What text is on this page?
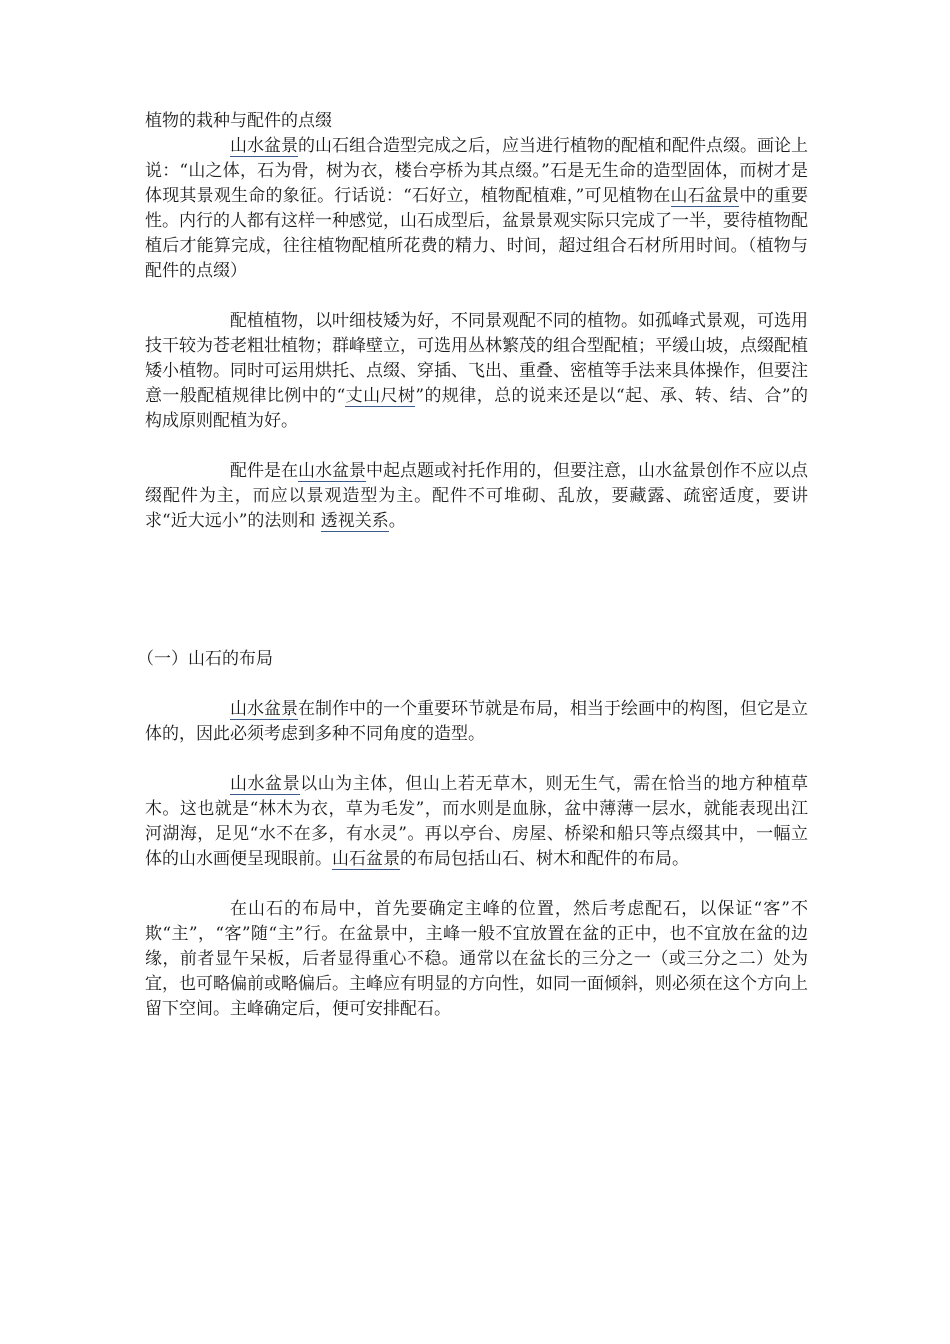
植物的栽种与配件的点缀

山水盆景的山石组合造型完成之后，应当进行植物的配植和配件点缀。画论上说：“山之体，石为骨，树为衣，楼台亭桥为其点缀。”石是无生命的造型固体，而树才是体现其景观生命的象征。行话说：“石好立，植物配植难，”可见植物在山石盆景中的重要性。内行的人都有这样一种感觉，山石成型后，盆景景观实际只完成了一半，要待植物配植后才能算完成，往往植物配植所花费的精力、时间，超过组合石材所用时间。（植物与配件的点缀）

配植植物，以叶细枝矮为好，不同景观配不同的植物。如孤峰式景观，可选用技干较为苍老粗壮植物；群峰壁立，可选用丛林繁茂的组合型配植；平缓山坡，点缀配植矮小植物。同时可运用烘托、点缀、穿插、飞出、重叠、密植等手法来具体操作，但要注意一般配植规律比例中的“丈山尺树”的规律，总的说来还是以“起、承、转、结、合”的构成原则配植为好。

配件是在山水盆景中起点题或衬托作用的，但要注意，山水盆景创作不应以点缀配件为主，而应以景观造型为主。配件不可堆砌、乱放，要藏露、疏密适度，要讲求“近大远小”的法则和 透视关系。

（一）山石的布局

山水盆景在制作中的一个重要环节就是布局，相当于绘画中的构图，但它是立体的，因此必须考虑到多种不同角度的造型。

山水盆景以山为主体，但山上若无草木，则无生气，需在恰当的地方种植草木。这也就是“林木为衣，草为毛发”，而水则是血脉，盆中薄薄一层水，就能表现出江河湖海，足见“水不在多，有水灵”。再以亭台、房屋、桥梁和船只等点缀其中，一幅立体的山水画便呈现眼前。山石盆景的布局包括山石、树木和配件的布局。

在山石的布局中，首先要确定主峰的位置，然后考虑配石，以保证“客”不欺“主”，“客”随“主”行。在盆景中，主峰一般不宜放置在盆的正中，也不宜放在盆的边缘，前者显午呆板，后者显得重心不稳。通常以在盆长的三分之一（或三分之二）处为宜，也可略偏前或略偏后。主峰应有明显的方向性，如同一面倾斜，则必须在这个方向上留下空间。主峰确定后，便可安排配石。
